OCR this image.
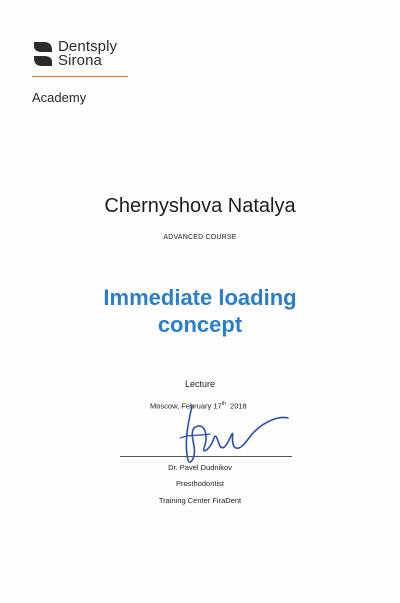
Dentsply
Sirona
Academy
Chernyshova Natalya
ADVANCED COURSE
Immediate loading
concept
Lecture
Moscow, February 17th 2018
Dr. Pavel Dudnikov
Prosthodontist
Training Center FiraDent
